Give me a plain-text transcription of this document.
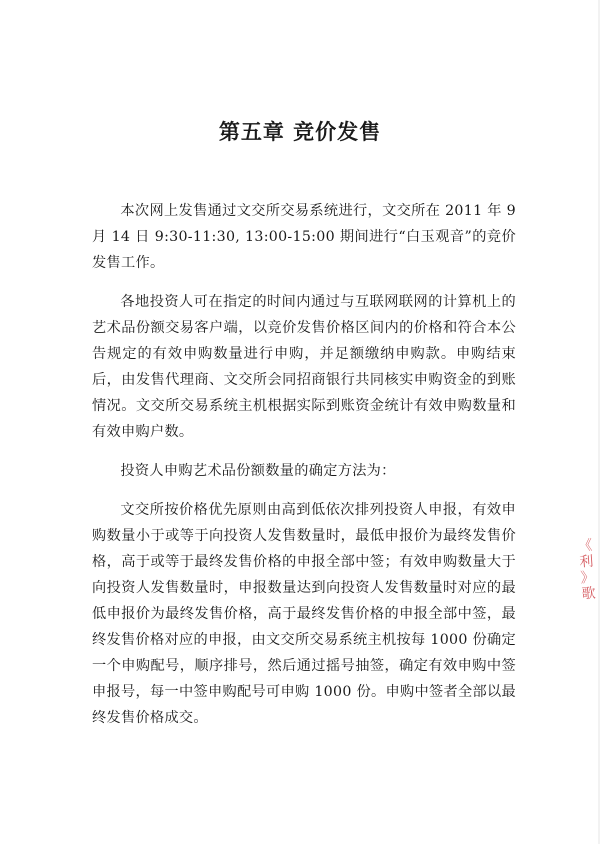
第五章 竞价发售

本次网上发售通过文交所交易系统进行，文交所在 2011 年 9 月 14 日 9:30-11:30, 13:00-15:00 期间进行“白玉观音”的竞价发售工作。

各地投资人可在指定的时间内通过与互联网联网的计算机上的艺术品份额交易客户端，以竞价发售价格区间内的价格和符合本公告规定的有效申购数量进行申购，并足额缴纳申购款。申购结束后，由发售代理商、文交所会同招商银行共同核实申购资金的到账情况。文交所交易系统主机根据实际到账资金统计有效申购数量和有效申购户数。

投资人申购艺术品份额数量的确定方法为：

文交所按价格优先原则由高到低依次排列投资人申报，有效申购数量小于或等于向投资人发售数量时，最低申报价为最终发售价格，高于或等于最终发售价格的申报全部中签；有效申购数量大于向投资人发售数量时，申报数量达到向投资人发售数量时对应的最低申报价为最终发售价格，高于最终发售价格的申报全部中签，最终发售价格对应的申报，由文交所交易系统主机按每 1000 份确定一个申购配号，顺序排号，然后通过摇号抽签，确定有效申购中签申报号，每一中签申购配号可申购 1000 份。申购中签者全部以最终发售价格成交。

《
利
》
歌
